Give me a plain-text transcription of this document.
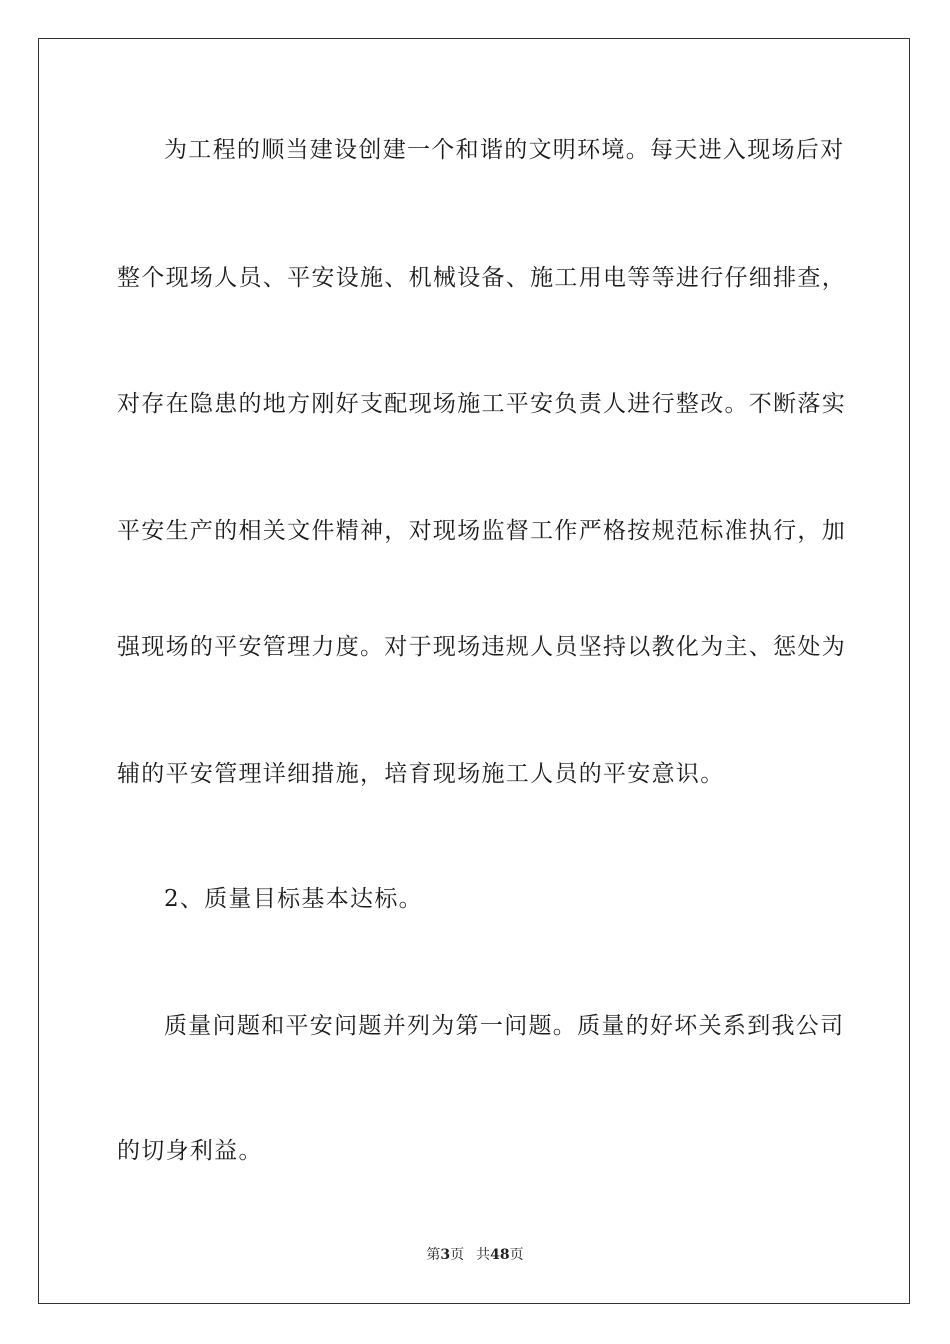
为工程的顺当建设创建一个和谐的文明环境。每天进入现场后对
整个现场人员、平安设施、机械设备、施工用电等等进行仔细排查，
对存在隐患的地方刚好支配现场施工平安负责人进行整改。不断落实
平安生产的相关文件精神，对现场监督工作严格按规范标准执行，加
强现场的平安管理力度。对于现场违规人员坚持以教化为主、惩处为
辅的平安管理详细措施，培育现场施工人员的平安意识。
2、质量目标基本达标。
质量问题和平安问题并列为第一问题。质量的好坏关系到我公司
的切身利益。
第3页 共48页
